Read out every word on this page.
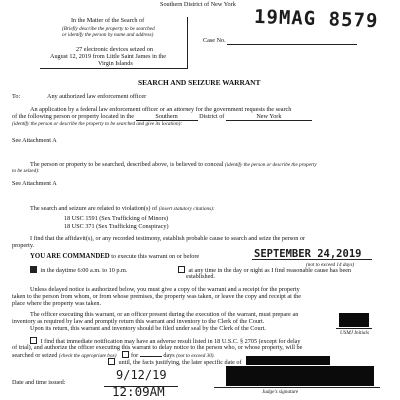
Southern District of New York
19MAG 8579
In the Matter of the Search of
(Briefly describe the property to be searched
or identify the person by name and address)
27 electronic devices seized on
August 12, 2019 from Little Saint James in the
Virgin Islands
Case No.
SEARCH AND SEIZURE WARRANT
To:	Any authorized law enforcement officer
An application by a federal law enforcement officer or an attorney for the government requests the search
of the following person or property located in the	Southern	District of	New York
(identify the person or describe the property to be searched and give its location):
See Attachment A
The person or property to be searched, described above, is believed to conceal (identify the person or describe the property
to be seized):
See Attachment A
The search and seizure are related to violation(s) of (insert statutory citations):
18 USC 1591 (Sex Trafficking of Minors)
18 USC 371 (Sex Trafficking Conspiracy)
I find that the affidavit(s), or any recorded testimony, establish probable cause to search and seize the person or
property.
YOU ARE COMMANDED to execute this warrant on or before	SEPTEMBER 24,2019
(not to exceed 14 days)
in the daytime 6:00 a.m. to 10 p.m.	at any time in the day or night as I find reasonable cause has been
established.
Unless delayed notice is authorized below, you must give a copy of the warrant and a receipt for the property
taken to the person from whom, or from whose premises, the property was taken, or leave the copy and receipt at the
place where the property was taken.
The officer executing this warrant, or an officer present during the execution of the warrant, must prepare an
inventory as required by law and promptly return this warrant and inventory to the Clerk of the Court.
Upon its return, this warrant and inventory should be filed under seal by the Clerk of the Court.
USMJ Initials
I find that immediate notification may have an adverse result listed in 18 U.S.C. § 2705 (except for delay
of trial), and authorize the officer executing this warrant to delay notice to the person who, or whose property, will be
searched or seized (check the appropriate box) for	days (not to exceed 30).
until, the facts justifying, the later specific date of
Date and time issued:
9/12/19
12:09AM	Judge's signature
